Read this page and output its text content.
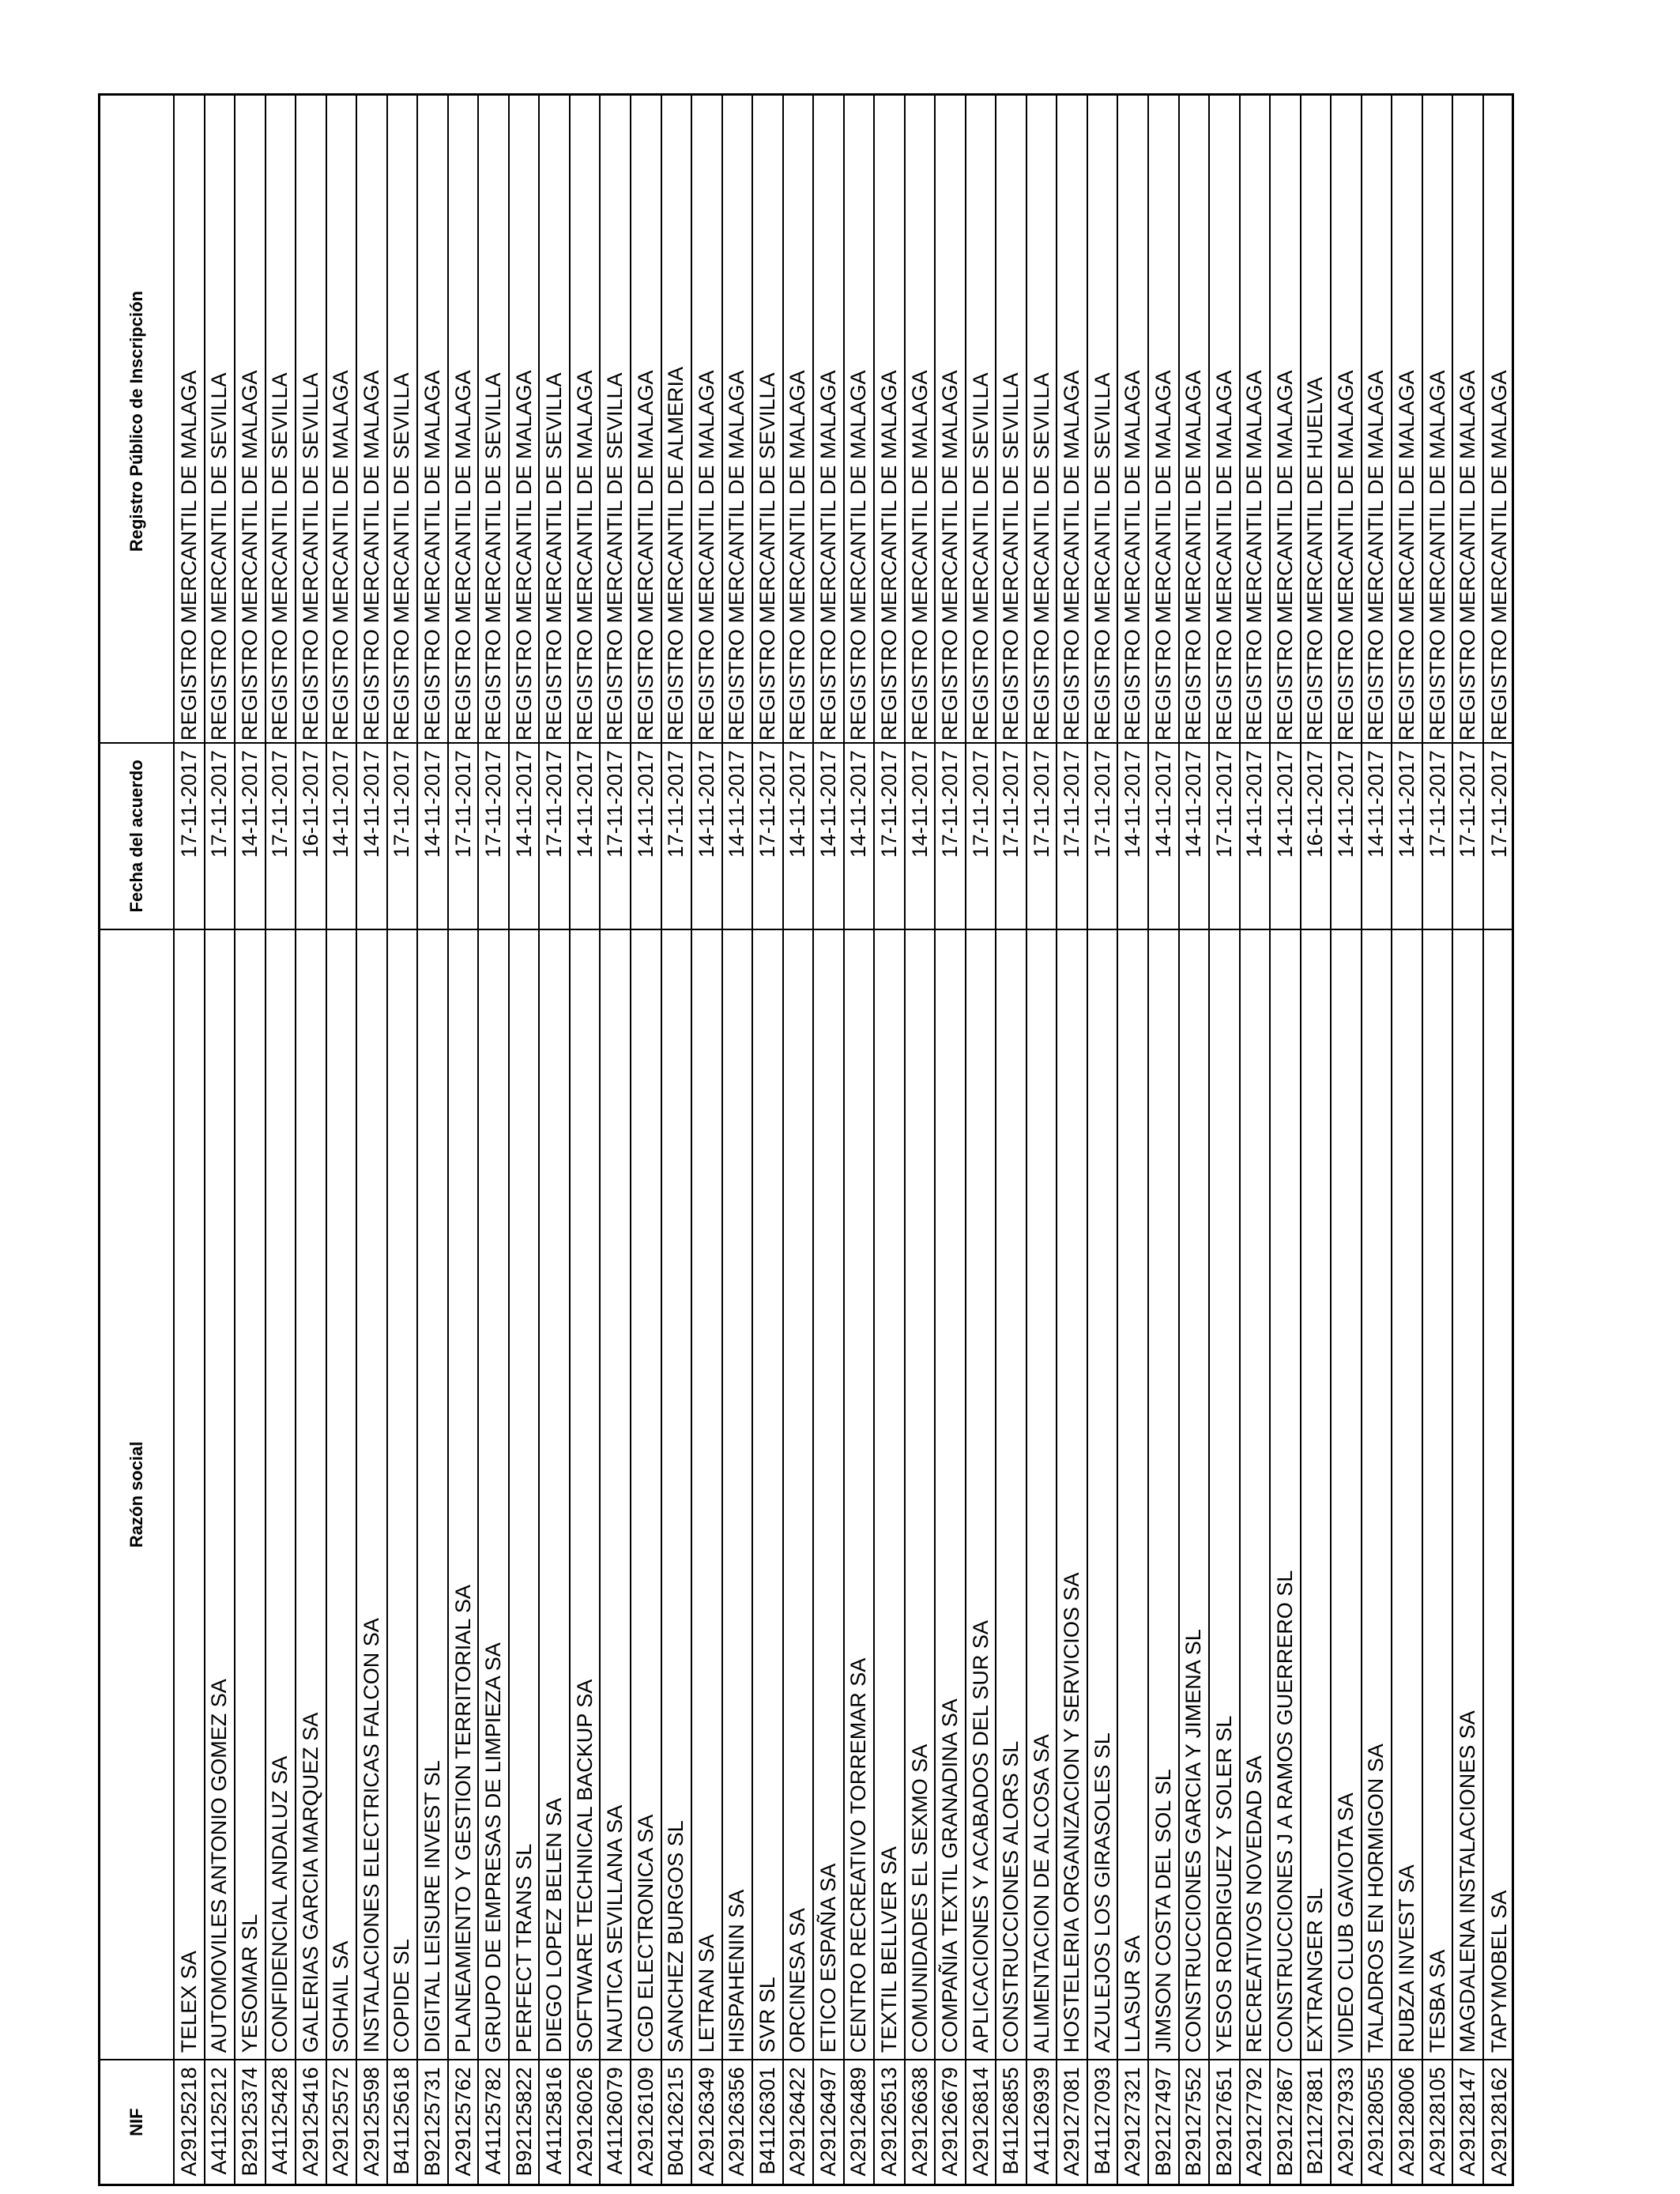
NIF
Razón social
Fecha del acuerdo
Registro Público de Inscripción
A29125218
TELEX SA
17-11-2017
REGISTRO MERCANTIL DE MALAGA
A41125212
AUTOMOVILES ANTONIO GOMEZ SA
17-11-2017
REGISTRO MERCANTIL DE SEVILLA
B29125374
YESOMAR SL
14-11-2017
REGISTRO MERCANTIL DE MALAGA
A41125428
CONFIDENCIAL ANDALUZ SA
17-11-2017
REGISTRO MERCANTIL DE SEVILLA
A29125416
GALERIAS GARCIA MARQUEZ SA
16-11-2017
REGISTRO MERCANTIL DE SEVILLA
A29125572
SOHAIL SA
14-11-2017
REGISTRO MERCANTIL DE MALAGA
A29125598
INSTALACIONES ELECTRICAS FALCON SA
14-11-2017
REGISTRO MERCANTIL DE MALAGA
B41125618
COPIDE SL
17-11-2017
REGISTRO MERCANTIL DE SEVILLA
B92125731
DIGITAL LEISURE INVEST SL
14-11-2017
REGISTRO MERCANTIL DE MALAGA
A29125762
PLANEAMIENTO Y GESTION TERRITORIAL SA
17-11-2017
REGISTRO MERCANTIL DE MALAGA
A41125782
GRUPO DE EMPRESAS DE LIMPIEZA SA
17-11-2017
REGISTRO MERCANTIL DE SEVILLA
B92125822
PERFECT TRANS SL
14-11-2017
REGISTRO MERCANTIL DE MALAGA
A41125816
DIEGO LOPEZ BELEN SA
17-11-2017
REGISTRO MERCANTIL DE SEVILLA
A29126026
SOFTWARE TECHNICAL BACKUP SA
14-11-2017
REGISTRO MERCANTIL DE MALAGA
A41126079
NAUTICA SEVILLANA SA
17-11-2017
REGISTRO MERCANTIL DE SEVILLA
A29126109
CGD ELECTRONICA SA
14-11-2017
REGISTRO MERCANTIL DE MALAGA
B04126215
SANCHEZ BURGOS SL
17-11-2017
REGISTRO MERCANTIL DE ALMERIA
A29126349
LETRAN SA
14-11-2017
REGISTRO MERCANTIL DE MALAGA
A29126356
HISPAHENIN SA
14-11-2017
REGISTRO MERCANTIL DE MALAGA
B41126301
SVR SL
17-11-2017
REGISTRO MERCANTIL DE SEVILLA
A29126422
ORCINESA SA
14-11-2017
REGISTRO MERCANTIL DE MALAGA
A29126497
ETICO ESPAÑA SA
14-11-2017
REGISTRO MERCANTIL DE MALAGA
A29126489
CENTRO RECREATIVO TORREMAR SA
14-11-2017
REGISTRO MERCANTIL DE MALAGA
A29126513
TEXTIL BELLVER SA
17-11-2017
REGISTRO MERCANTIL DE MALAGA
A29126638
COMUNIDADES EL SEXMO SA
14-11-2017
REGISTRO MERCANTIL DE MALAGA
A29126679
COMPAÑIA TEXTIL GRANADINA SA
17-11-2017
REGISTRO MERCANTIL DE MALAGA
A29126814
APLICACIONES Y ACABADOS DEL SUR SA
17-11-2017
REGISTRO MERCANTIL DE SEVILLA
B41126855
CONSTRUCCIONES ALORS SL
17-11-2017
REGISTRO MERCANTIL DE SEVILLA
A41126939
ALIMENTACION DE ALCOSA SA
17-11-2017
REGISTRO MERCANTIL DE SEVILLA
A29127081
HOSTELERIA ORGANIZACION Y SERVICIOS SA
17-11-2017
REGISTRO MERCANTIL DE MALAGA
B41127093
AZULEJOS LOS GIRASOLES SL
17-11-2017
REGISTRO MERCANTIL DE SEVILLA
A29127321
LLASUR SA
14-11-2017
REGISTRO MERCANTIL DE MALAGA
B92127497
JIMSON COSTA DEL SOL SL
14-11-2017
REGISTRO MERCANTIL DE MALAGA
B29127552
CONSTRUCCIONES GARCIA Y JIMENA SL
14-11-2017
REGISTRO MERCANTIL DE MALAGA
B29127651
YESOS RODRIGUEZ Y SOLER SL
17-11-2017
REGISTRO MERCANTIL DE MALAGA
A29127792
RECREATIVOS NOVEDAD SA
14-11-2017
REGISTRO MERCANTIL DE MALAGA
B29127867
CONSTRUCCIONES J A RAMOS GUERRERO SL
14-11-2017
REGISTRO MERCANTIL DE MALAGA
B21127881
EXTRANGER SL
16-11-2017
REGISTRO MERCANTIL DE HUELVA
A29127933
VIDEO CLUB GAVIOTA SA
14-11-2017
REGISTRO MERCANTIL DE MALAGA
A29128055
TALADROS EN HORMIGON SA
14-11-2017
REGISTRO MERCANTIL DE MALAGA
A29128006
RUBZA INVEST SA
14-11-2017
REGISTRO MERCANTIL DE MALAGA
A29128105
TESBA SA
17-11-2017
REGISTRO MERCANTIL DE MALAGA
A29128147
MAGDALENA INSTALACIONES SA
17-11-2017
REGISTRO MERCANTIL DE MALAGA
A29128162
TAPYMOBEL SA
17-11-2017
REGISTRO MERCANTIL DE MALAGA
